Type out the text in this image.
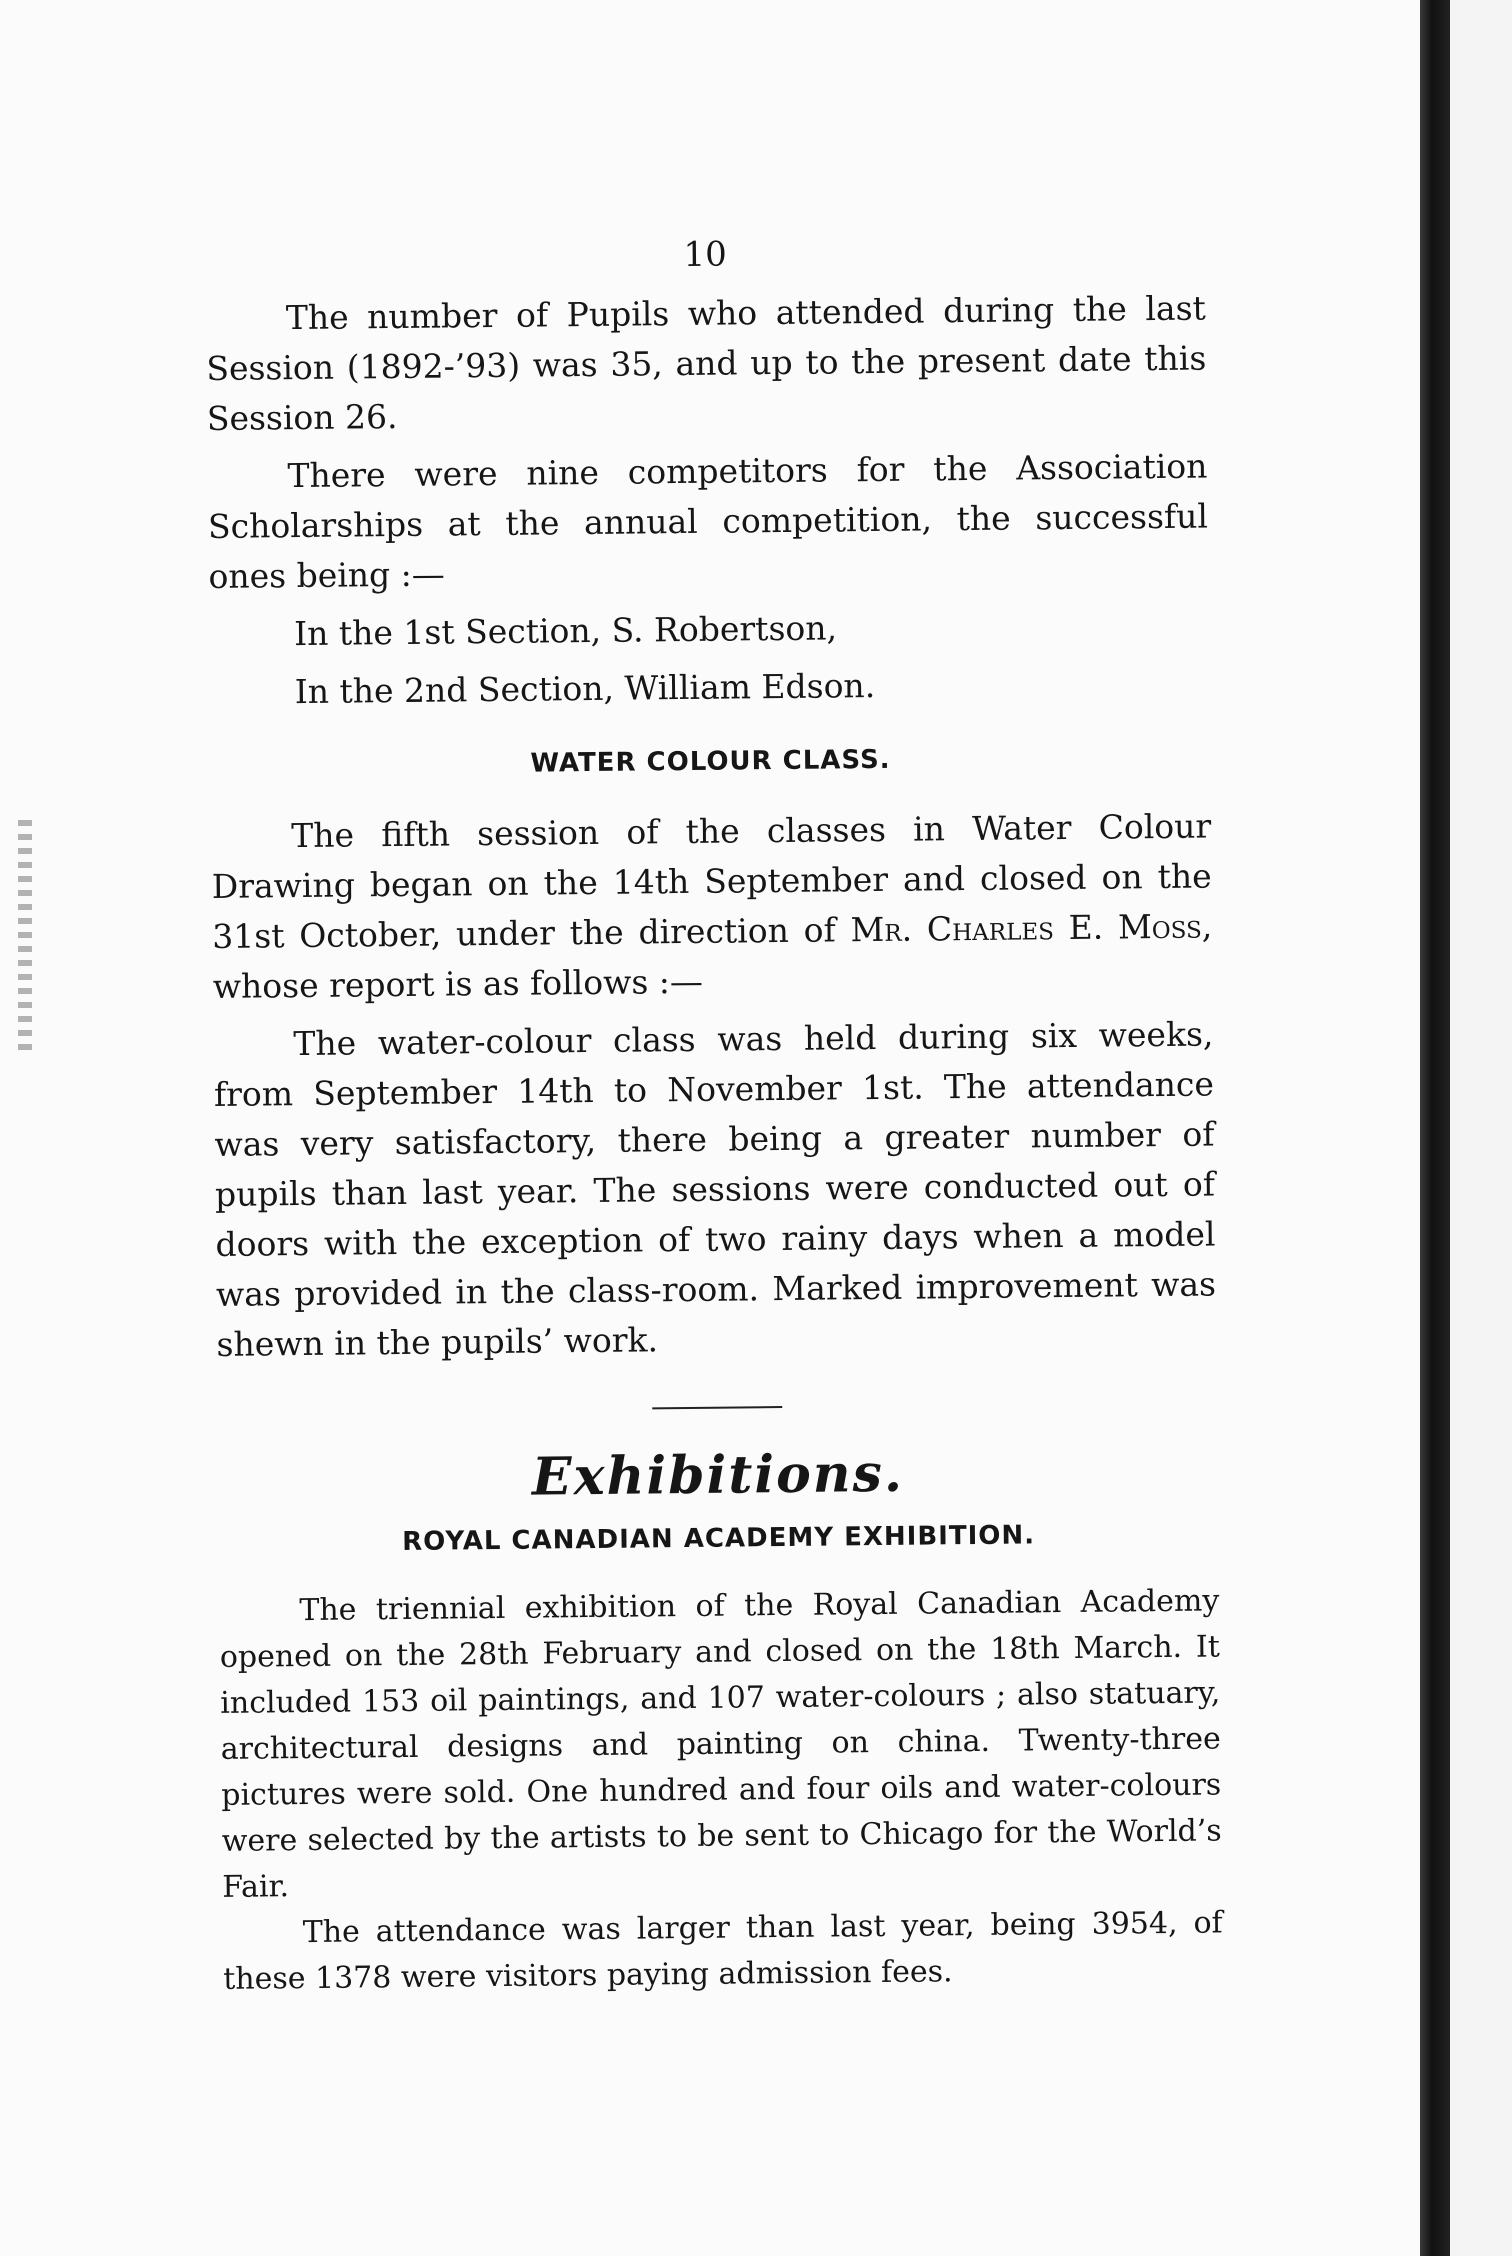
10

The number of Pupils who attended during the last Session (1892-’93) was 35, and up to the present date this Session 26.

There were nine competitors for the Association Scholarships at the annual competition, the successful ones being :—

In the 1st Section, S. Robertson,

In the 2nd Section, William Edson.

WATER COLOUR CLASS.

The fifth session of the classes in Water Colour Drawing began on the 14th September and closed on the 31st October, under the direction of Mr. Charles E. Moss, whose report is as follows :—

The water-colour class was held during six weeks, from September 14th to November 1st. The attendance was very satisfactory, there being a greater number of pupils than last year. The sessions were conducted out of doors with the exception of two rainy days when a model was provided in the class-room. Marked improvement was shewn in the pupils’ work.

Exhibitions.
ROYAL CANADIAN ACADEMY EXHIBITION.

The triennial exhibition of the Royal Canadian Academy opened on the 28th February and closed on the 18th March. It included 153 oil paintings, and 107 water-colours ; also statuary, architectural designs and painting on china. Twenty-three pictures were sold. One hundred and four oils and water-colours were selected by the artists to be sent to Chicago for the World’s Fair.

The attendance was larger than last year, being 3954, of these 1378 were visitors paying admission fees.
